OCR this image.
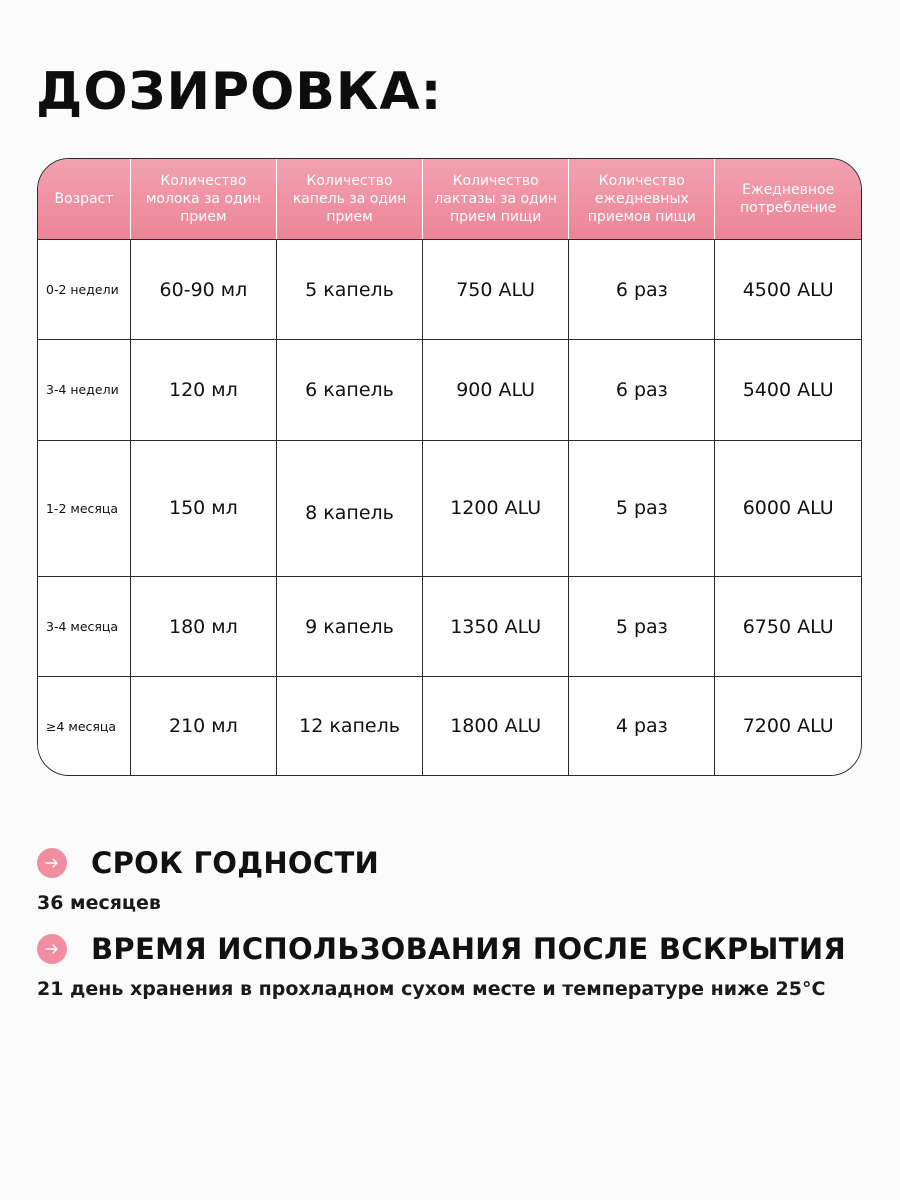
ДОЗИРОВКА:
Возраст	Количество молока за один прием	Количество капель за один прием	Количество лактазы за один прием пищи	Количество ежедневных приемов пищи	Ежедневное потребление
0-2 недели	60-90 мл	5 капель	750 ALU	6 раз	4500 ALU
3-4 недели	120 мл	6 капель	900 ALU	6 раз	5400 ALU
1-2 месяца	150 мл	8 капель	1200 ALU	5 раз	6000 ALU
3-4 месяца	180 мл	9 капель	1350 ALU	5 раз	6750 ALU
≥4 месяца	210 мл	12 капель	1800 ALU	4 раз	7200 ALU
СРОК ГОДНОСТИ
36 месяцев
ВРЕМЯ ИСПОЛЬЗОВАНИЯ ПОСЛЕ ВСКРЫТИЯ
21 день хранения в прохладном сухом месте и температуре ниже 25°C
